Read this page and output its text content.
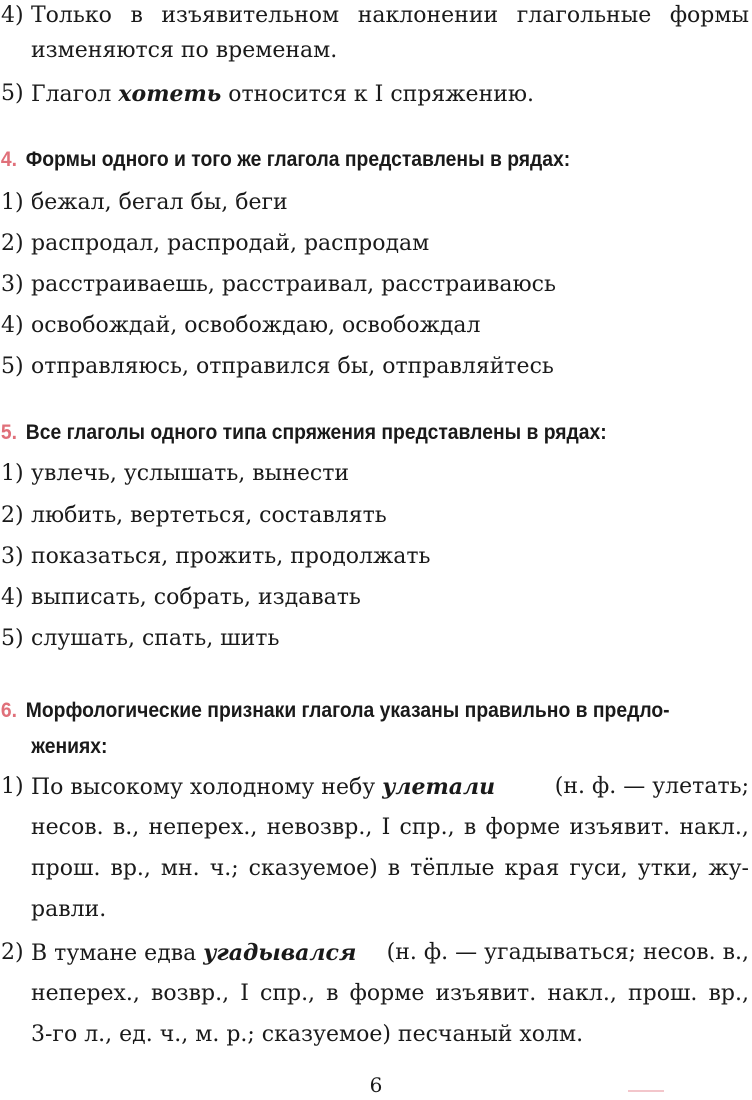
4) Только в изъявительном наклонении глагольные формы
изменяются по временам.
5) Глагол хотеть относится к I спряжению.
4. Формы одного и того же глагола представлены в рядах:
1) бежал, бегал бы, беги
2) распродал, распродай, распродам
3) расстраиваешь, расстраивал, расстраиваюсь
4) освобождай, освобождаю, освобождал
5) отправляюсь, отправился бы, отправляйтесь
5. Все глаголы одного типа спряжения представлены в рядах:
1) увлечь, услышать, вынести
2) любить, вертеться, составлять
3) показаться, прожить, продолжать
4) выписать, собрать, издавать
5) слушать, спать, шить
6. Морфологические признаки глагола указаны правильно в предло-
жениях:
1) По высокому холодному небу улетали	(н. ф. — улетать;
несов. в., неперех., невозвр., I спр., в форме изъявит. накл.,
прош. вр., мн. ч.; сказуемое) в тёплые края гуси, утки, жу-
равли.
2) В тумане едва угадывался (н. ф. — угадываться; несов. в.,
неперех., возвр., I спр., в форме изъявит. накл., прош. вр.,
3-го л., ед. ч., м. р.; сказуемое) песчаный холм.
6
